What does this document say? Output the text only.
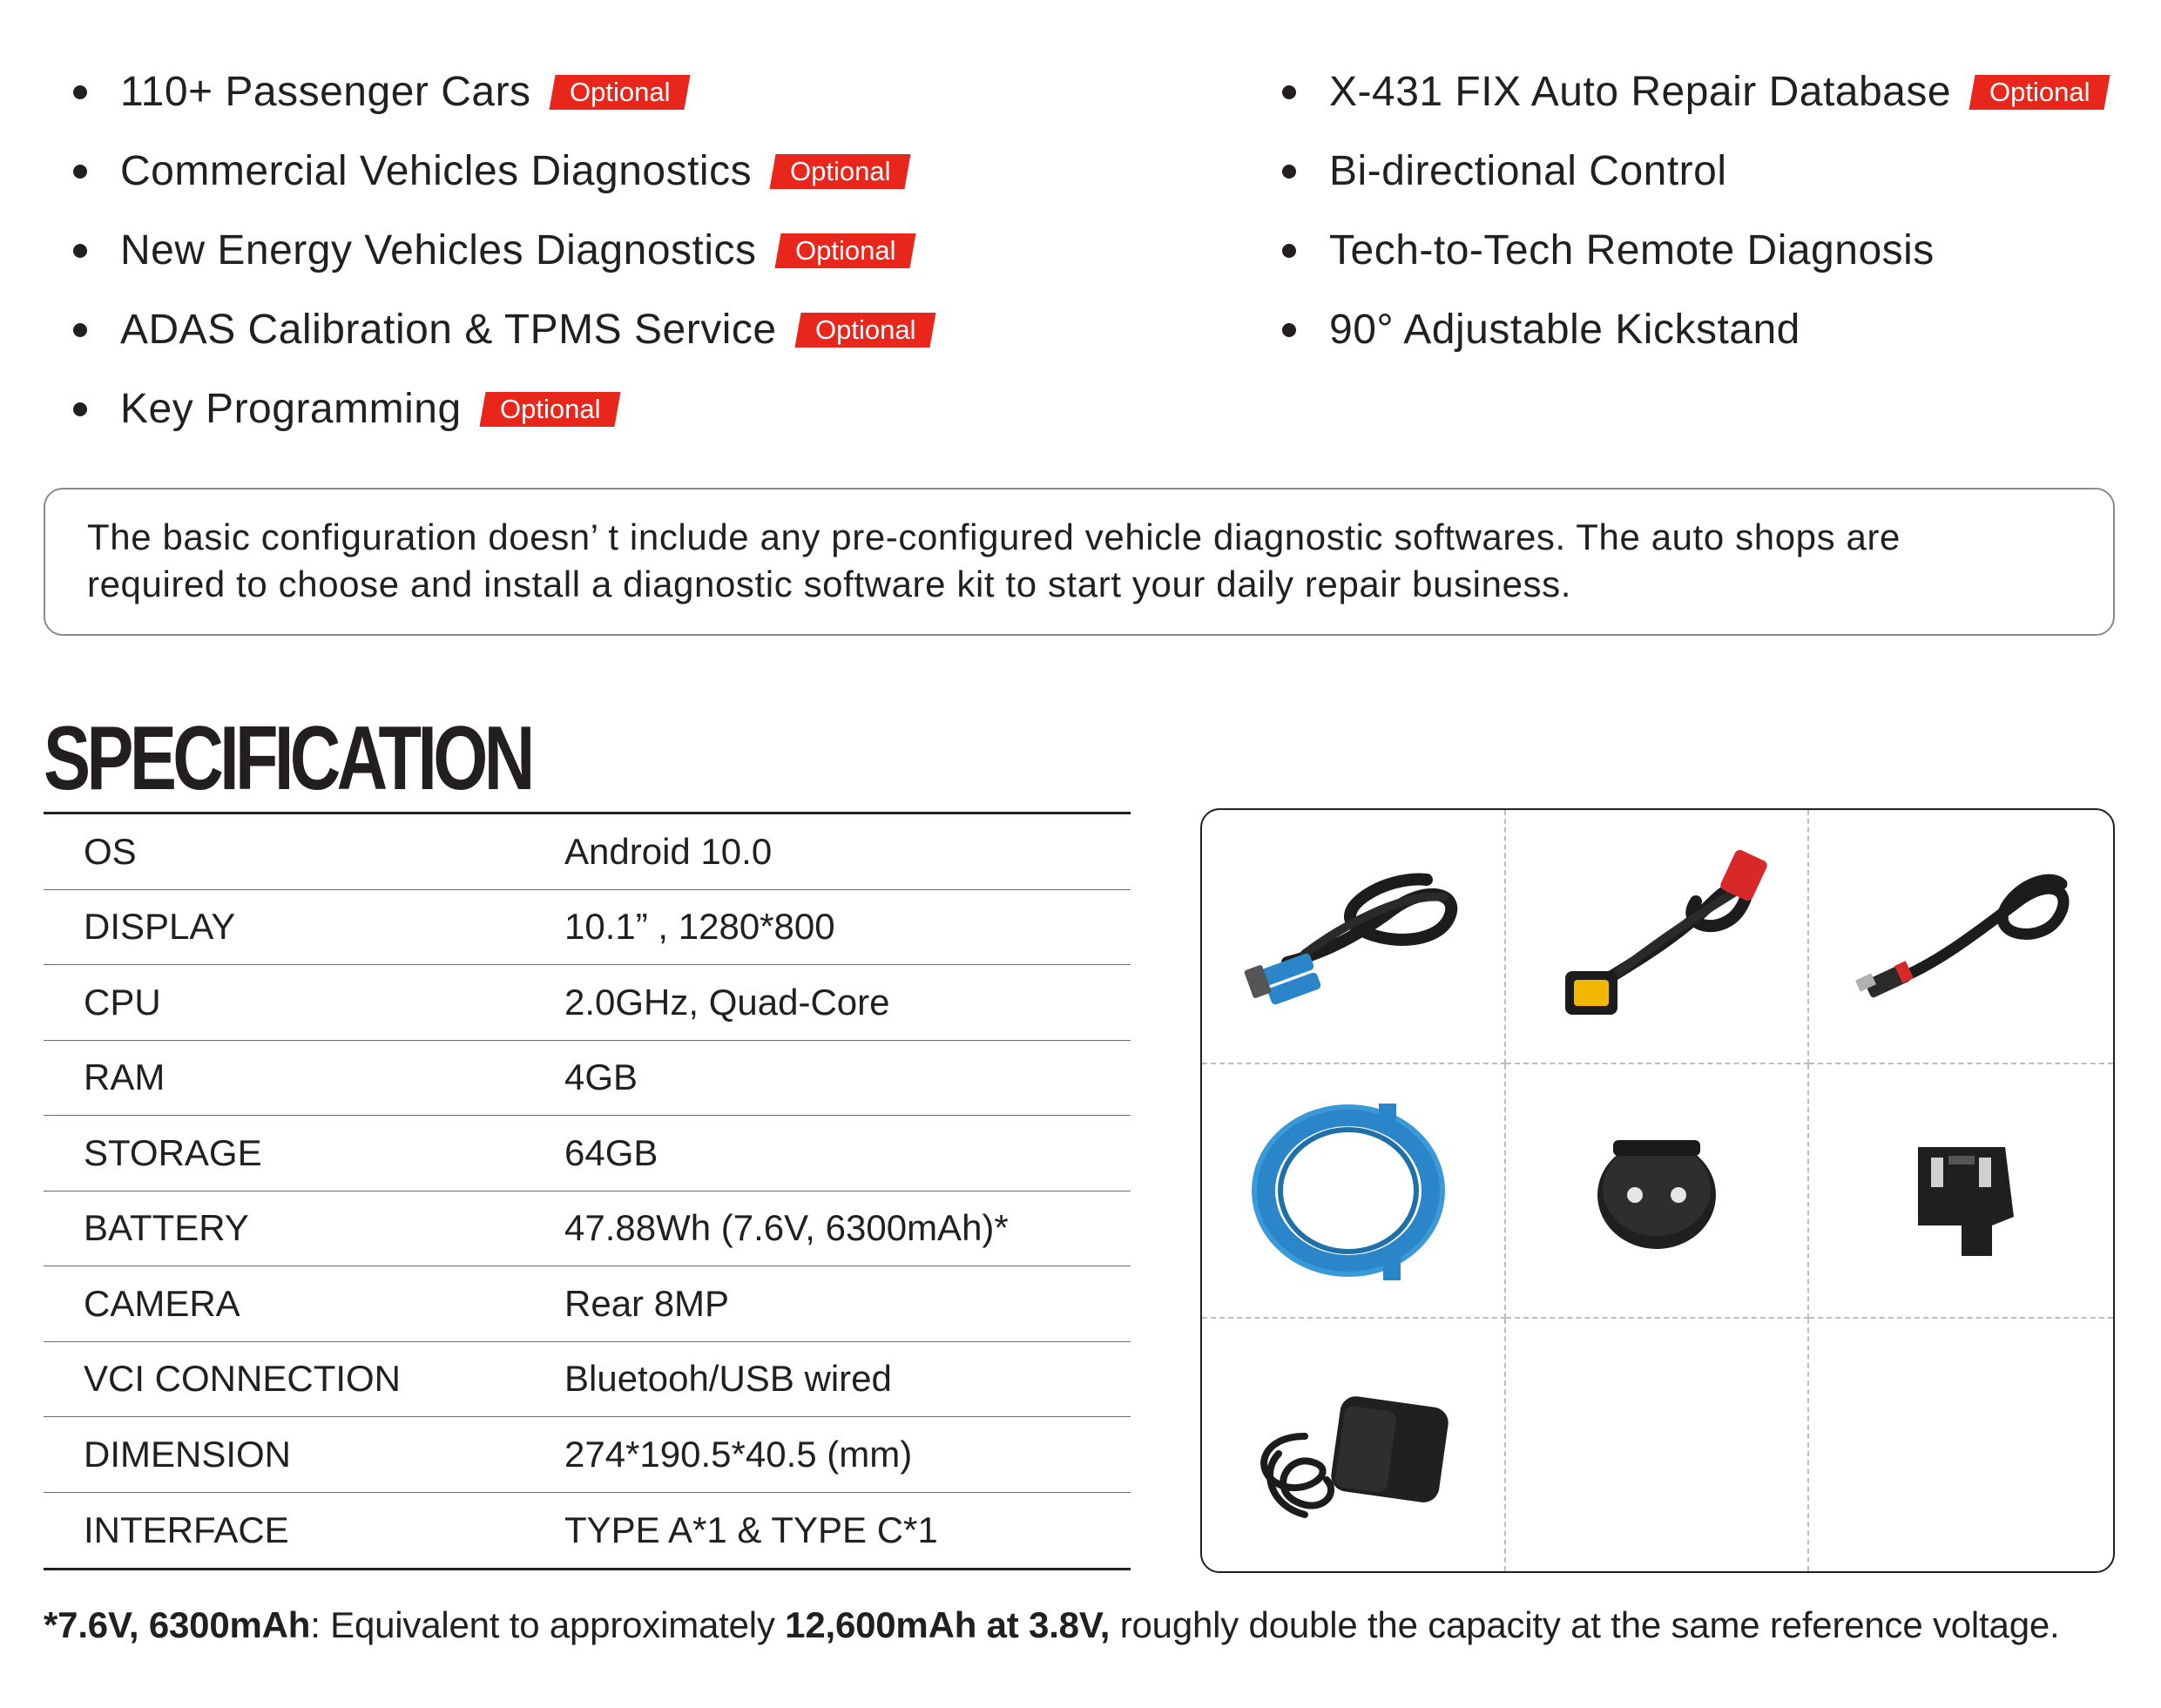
110+ Passenger Cars	Optional
Commercial Vehicles Diagnostics	Optional
New Energy Vehicles Diagnostics	Optional
ADAS Calibration & TPMS Service	Optional
Key Programming	Optional
X-431 FIX Auto Repair Database	Optional
Bi-directional Control
Tech-to-Tech Remote Diagnosis
90° Adjustable Kickstand
The basic configuration doesn’ t include any pre-configured vehicle diagnostic softwares. The auto shops are
required to choose and install a diagnostic software kit to start your daily repair business.
SPECIFICATION
OS	Android 10.0
DISPLAY	10.1” , 1280*800
CPU	2.0GHz, Quad-Core
RAM	4GB
STORAGE	64GB
BATTERY	47.88Wh (7.6V, 6300mAh)*
CAMERA	Rear 8MP
VCI CONNECTION	Bluetooh/USB wired
DIMENSION	274*190.5*40.5 (mm)
INTERFACE	TYPE A*1 & TYPE C*1
*7.6V, 6300mAh: Equivalent to approximately 12,600mAh at 3.8V, roughly double the capacity at the same reference voltage.
